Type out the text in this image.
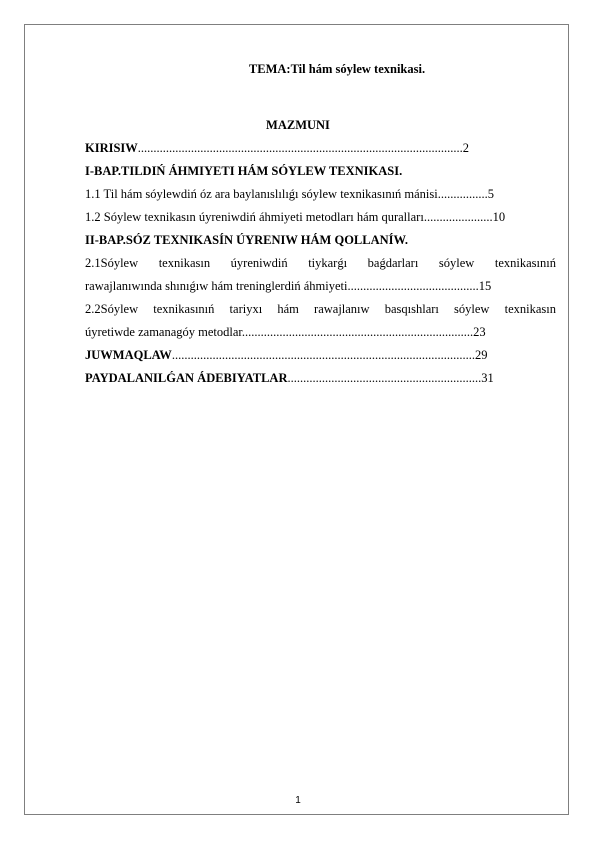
TEMA:Til hám sóylew texnikasi.
MAZMUNI
KIRISIW........................................................................................................2
I-BAP.TILDIŃ ÁHMIYETI HÁM SÓYLEW TEXNIKASI.
1.1 Til hám sóylewdiń óz ara baylanıslılıǵı sóylew texnikasınıń mánisi................5
1.2 Sóylew texnikasın úyreniwdiń áhmiyeti metodları hám quralları......................10
II-BAP.SÓZ TEXNIKASÍN ÚYRENIW HÁM QOLLANÍW.
2.1Sóylew texnikasın úyreniwdiń tiykarǵı baǵdarları sóylew texnikasınıń
rawajlanıwında shınıǵıw hám treninglerdiń áhmiyeti..........................................15
2.2Sóylew texnikasınıń tariyxı hám rawajlanıw basqıshları sóylew texnikasın
úyretiwde zamanagóy metodlar..........................................................................23
JUWMAQLAW.................................................................................................29
PAYDALANILǴAN ÁDEBIYATLAR..............................................................31
1
